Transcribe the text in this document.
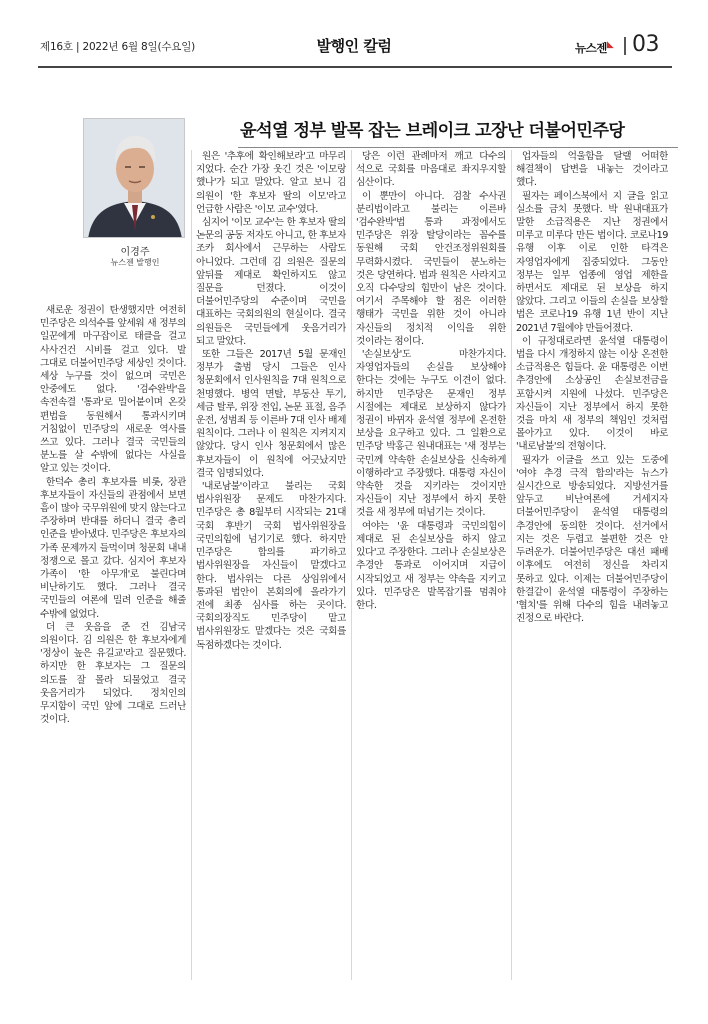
제16호 | 2022년 6월 8일(수요일)	발행인 칼럼	뉴스젠◣ 03
윤석열 정부 발목 잡는 브레이크 고장난 더불어민주당
이경주
뉴스젠 발행인

새로운 정권이 탄생했지만 여전히 민주당은 의석수를 앞세워 새 정부의 일꾼에게 마구잡이로 태클을 걸고 사사건건 시비를 걸고 있다. 발 그대로 더불어민주당 세상인 것이다. 세상 누구를 것이 없으며 국민은 안중에도 없다. '검수완박'을 속전속결 '통과'로 밀어붙이며 온갖 편법을 동원해서 통과시키며 거침없이 민주당의 새로운 역사를 쓰고 있다. 그러나 결국 국민들의 분노를 살 수밖에 없다는 사실을 알고 있는 것이다.

한덕수 총리 후보자를 비롯, 장관 후보자들이 자신들의 관점에서 보면 흠이 많아 국무위원에 맞지 않는다고 주장하며 반대를 하더니 결국 총리 인준을 받아냈다. 민주당은 후보자의 가족 문제까지 들먹이며 청문회 내내 정쟁으로 몰고 갔다. 심지어 후보자 가족이 '한 아무개'로 불린다며 비난하기도 했다. 그러나 결국 국민들의 여론에 밀려 인준을 해줄 수밖에 없었다.

더 큰 웃음을 준 건 김남국 의원이다. 김 의원은 한 후보자에게 '정상이 높은 유길교'라고 질문했다. 하지만 한 후보자는 그 질문의 의도를 잘 몰라 되물었고 결국 웃음거리가 되었다. 정치인의 무지함이 국민 앞에 그대로 드러난 것이다.

원은 '추후에 확인해보라'고 마무리 지었다. 순간 가장 웃긴 것은 '이모랑 했나'가 되고 말았다. 알고 보니 김 의원이 '한 후보자 딸의 이모'라고 언급한 사람은 '이모 교수'였다.

심지어 '이모 교수'는 한 후보자 딸의 논문의 공동 저자도 아니고, 한 후보자 조카 회사에서 근무하는 사람도 아니었다. 그런데 김 의원은 질문의 앞뒤를 제대로 확인하지도 않고 질문을 던졌다. 이것이 더불어민주당의 수준이며 국민을 대표하는 국회의원의 현실이다. 결국 의원들은 국민들에게 웃음거리가 되고 말았다.

또한 그들은 2017년 5월 문재인 정부가 출범 당시 그들은 인사 청문회에서 인사원칙을 7대 원칙으로 천명했다. 병역 면탈, 부동산 투기, 세금 탈루, 위장 전입, 논문 표절, 음주 운전, 성범죄 등 이른바 7대 인사 배제 원칙이다. 그러나 이 원칙은 지켜지지 않았다. 당시 인사 청문회에서 많은 후보자들이 이 원칙에 어긋났지만 결국 임명되었다.

'내로남불'이라고 불리는 국회 법사위원장 문제도 마찬가지다. 민주당은 총 8월부터 시작되는 21대 국회 후반기 국회 법사위원장을 국민의힘에 넘기기로 했다. 하지만 민주당은 합의를 파기하고 법사위원장을 자신들이 맡겠다고 한다. 법사위는 다른 상임위에서 통과된 법안이 본회의에 올라가기 전에 최종 심사를 하는 곳이다. 국회의장직도 민주당이 맡고 법사위원장도 맡겠다는 것은 국회를 독점하겠다는 것이다.

당은 이런 관례마저 깨고 다수의 석으로 국회를 마음대로 좌지우지할 심산이다.

이 뿐만이 아니다. 검찰 수사권 분리법이라고 불리는 이른바 '검수완박'법 통과 과정에서도 민주당은 위장 탈당이라는 꼼수를 동원해 국회 안건조정위원회를 무력화시켰다. 국민들이 분노하는 것은 당연하다. 법과 원칙은 사라지고 오직 다수당의 힘만이 남은 것이다. 여기서 주목해야 할 점은 이러한 행태가 국민을 위한 것이 아니라 자신들의 정치적 이익을 위한 것이라는 점이다.

'손실보상'도 마찬가지다. 자영업자들의 손실을 보상해야 한다는 것에는 누구도 이견이 없다. 하지만 민주당은 문재인 정부 시절에는 제대로 보상하지 않다가 정권이 바뀌자 윤석열 정부에 온전한 보상을 요구하고 있다. 그 일환으로 민주당 박홍근 원내대표는 '새 정부는 국민께 약속한 손실보상을 신속하게 이행하라'고 주장했다. 대통령 자신이 약속한 것을 지키라는 것이지만 자신들이 지난 정부에서 하지 못한 것을 새 정부에 떠넘기는 것이다.

여야는 '윤 대통령과 국민의힘이 제대로 된 손실보상을 하지 않고 있다'고 주장한다. 그러나 손실보상은 추경안 통과로 이어지며 지급이 시작되었고 새 정부는 약속을 지키고 있다. 민주당은 발목잡기를 멈춰야 한다.

업자들의 억울함을 달랠 어떠한 해결책이 답변을 내놓는 것이라고 했다.

필자는 페이스북에서 지 글을 읽고 실소를 금치 못했다. 박 원내대표가 말한 소급적용은 지난 정권에서 미루고 미루다 만든 법이다. 코로나19 유행 이후 이로 인한 타격은 자영업자에게 집중되었다. 그동안 정부는 일부 업종에 영업 제한을 하면서도 제대로 된 보상을 하지 않았다. 그리고 이들의 손실을 보상할 법은 코로나19 유행 1년 반이 지난 2021년 7월에야 만들어졌다.

이 규정대로라면 윤석열 대통령이 법을 다시 개정하지 않는 이상 온전한 소급적용은 힘들다. 윤 대통령은 이번 추경안에 소상공인 손실보전금을 포함시켜 지원에 나섰다. 민주당은 자신들이 지난 정부에서 하지 못한 것을 마치 새 정부의 책임인 것처럼 몰아가고 있다. 이것이 바로 '내로남불'의 전형이다.

필자가 이글을 쓰고 있는 도중에 '여야 추경 극적 합의'라는 뉴스가 실시간으로 방송되었다. 지방선거를 앞두고 비난여론에 거세지자 더불어민주당이 윤석열 대통령의 추경안에 동의한 것이다. 선거에서 지는 것은 두렵고 불편한 것은 안 두려운가. 더불어민주당은 대선 패배 이후에도 여전히 정신을 차리지 못하고 있다. 이제는 더불어민주당이 한결같이 윤석열 대통령이 주장하는 '협치'를 위해 다수의 힘을 내려놓고 진정으로 바란다.
